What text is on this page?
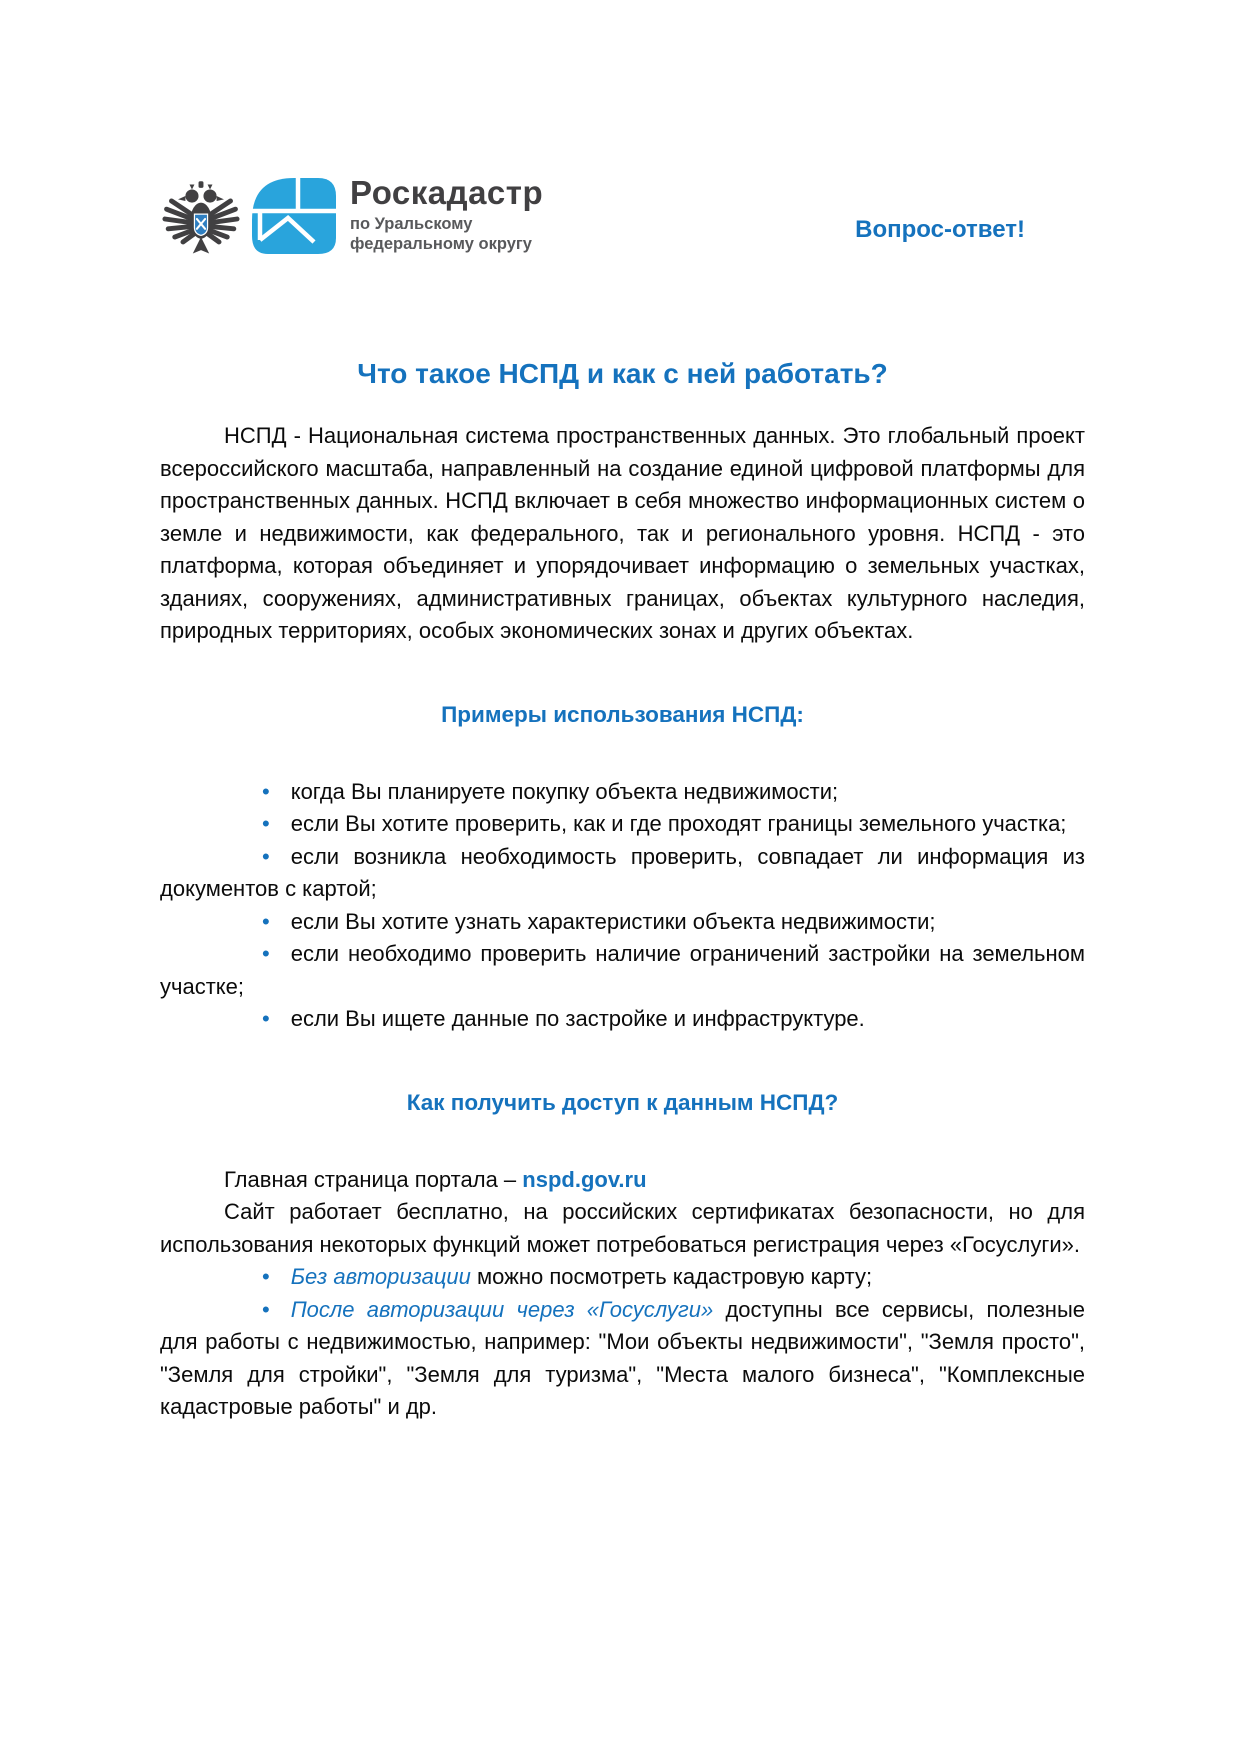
Роскадастр
по Уральскому
федеральному округу
Вопрос-ответ!
Что такое НСПД и как с ней работать?

НСПД - Национальная система пространственных данных. Это глобальный проект всероссийского масштаба, направленный на создание единой цифровой платформы для пространственных данных. НСПД включает в себя множество информационных систем о земле и недвижимости, как федерального, так и регионального уровня. НСПД - это платформа, которая объединяет и упорядочивает информацию о земельных участках, зданиях, сооружениях, административных границах, объектах культурного наследия, природных территориях, особых экономических зонах и других объектах.

Примеры использования НСПД:

• когда Вы планируете покупку объекта недвижимости;

• если Вы хотите проверить, как и где проходят границы земельного участка;

• если возникла необходимость проверить, совпадает ли информация из документов с картой;

• если Вы хотите узнать характеристики объекта недвижимости;

• если необходимо проверить наличие ограничений застройки на земельном участке;

• если Вы ищете данные по застройке и инфраструктуре.

Как получить доступ к данным НСПД?

Главная страница портала – nspd.gov.ru

Сайт работает бесплатно, на российских сертификатах безопасности, но для использования некоторых функций может потребоваться регистрация через «Госуслуги».

• Без авторизации можно посмотреть кадастровую карту;

• После авторизации через «Госуслуги» доступны все сервисы, полезные для работы с недвижимостью, например: "Мои объекты недвижимости", "Земля просто", "Земля для стройки", "Земля для туризма", "Места малого бизнеса", "Комплексные кадастровые работы" и др.
